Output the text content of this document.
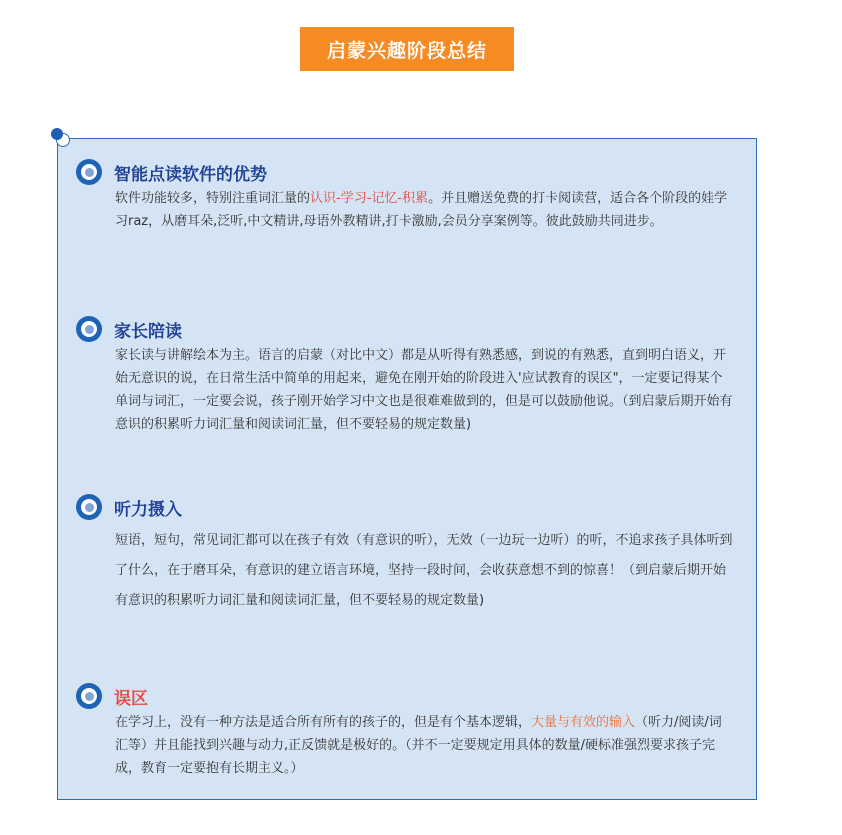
启蒙兴趣阶段总结
智能点读软件的优势
软件功能较多，特别注重词汇量的认识-学习-记忆-积累。并且赠送免费的打卡阅读营，适合各个阶段的娃学习raz，从磨耳朵,泛听,中文精讲,母语外教精讲,打卡激励,会员分享案例等。彼此鼓励共同进步。
家长陪读
家长读与讲解绘本为主。语言的启蒙（对比中文）都是从听得有熟悉感，到说的有熟悉，直到明白语义，开始无意识的说，在日常生活中简单的用起来，避免在刚开始的阶段进入'应试教育的误区"，一定要记得某个单词与词汇，一定要会说，孩子刚开始学习中文也是很难难做到的，但是可以鼓励他说。（到启蒙后期开始有意识的积累听力词汇量和阅读词汇量，但不要轻易的规定数量)
听力摄入
短语，短句，常见词汇都可以在孩子有效（有意识的听），无效（一边玩一边听）的听，不追求孩子具体听到了什么，在于磨耳朵，有意识的建立语言环境，坚持一段时间，会收获意想不到的惊喜！（到启蒙后期开始有意识的积累听力词汇量和阅读词汇量，但不要轻易的规定数量)
误区
在学习上，没有一种方法是适合所有所有的孩子的，但是有个基本逻辑，大量与有效的输入（听力/阅读/词汇等）并且能找到兴趣与动力,正反馈就是极好的。（并不一定要规定用具体的数量/硬标准强烈要求孩子完成，教育一定要抱有长期主义。）
